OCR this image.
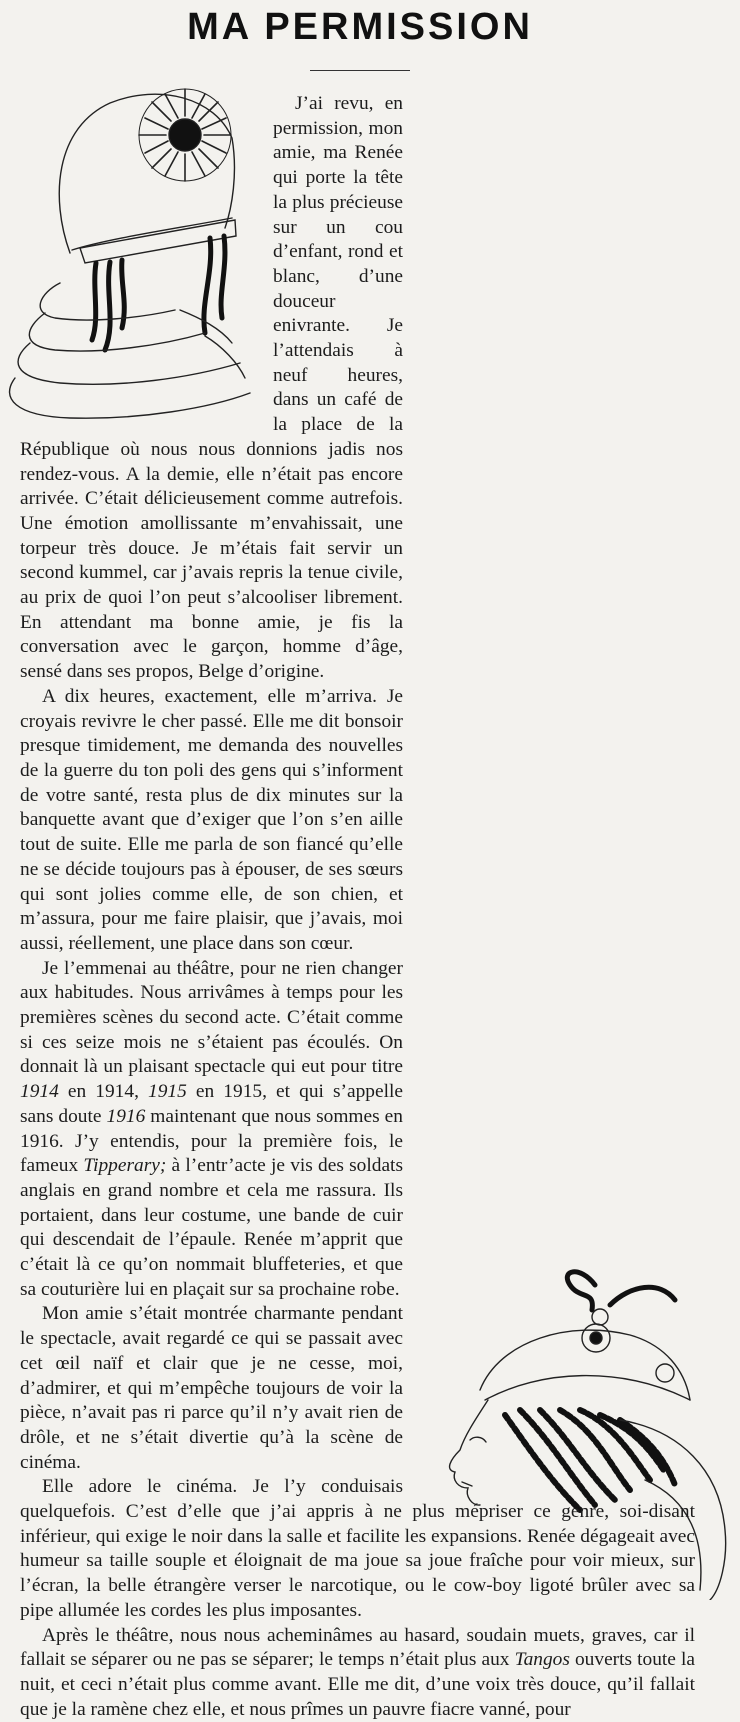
MA PERMISSION

J’ai revu, en permission, mon amie, ma Renée qui porte la tête la plus précieuse sur un cou d’enfant, rond et blanc, d’une douceur enivrante. Je l’attendais à neuf heures, dans un café de la place de la République où nous nous donnions jadis nos rendez-vous. A la demie, elle n’était pas encore arrivée. C’était délicieusement comme autrefois. Une émotion amollissante m’envahissait, une torpeur très douce. Je m’étais fait servir un second kummel, car j’avais repris la tenue civile, au prix de quoi l’on peut s’alcooliser librement. En attendant ma bonne amie, je fis la conversation avec le garçon, homme d’âge, sensé dans ses propos, Belge d’origine.

A dix heures, exactement, elle m’arriva. Je croyais revivre le cher passé. Elle me dit bonsoir presque timidement, me demanda des nouvelles de la guerre du ton poli des gens qui s’informent de votre santé, resta plus de dix minutes sur la banquette avant que d’exiger que l’on s’en aille tout de suite. Elle me parla de son fiancé qu’elle ne se décide toujours pas à épouser, de ses sœurs qui sont jolies comme elle, de son chien, et m’assura, pour me faire plaisir, que j’avais, moi aussi, réellement, une place dans son cœur.

Je l’emmenai au théâtre, pour ne rien changer aux habitudes. Nous arrivâmes à temps pour les premières scènes du second acte. C’était comme si ces seize mois ne s’étaient pas écoulés. On donnait là un plaisant spectacle qui eut pour titre 1914 en 1914, 1915 en 1915, et qui s’appelle sans doute 1916 maintenant que nous sommes en 1916. J’y entendis, pour la première fois, le fameux Tipperary; à l’entr’acte je vis des soldats anglais en grand nombre et cela me rassura. Ils portaient, dans leur costume, une bande de cuir qui descendait de l’épaule. Renée m’apprit que c’était là ce qu’on nommait bluffeteries, et que sa couturière lui en plaçait sur sa prochaine robe.

Mon amie s’était montrée charmante pendant le spectacle, avait regardé ce qui se passait avec cet œil naïf et clair que je ne cesse, moi, d’admirer, et qui m’empêche toujours de voir la pièce, n’avait pas ri parce qu’il n’y avait rien de drôle, et ne s’était divertie qu’à la scène de cinéma.

Elle adore le cinéma. Je l’y conduisais quelquefois. C’est d’elle que j’ai appris à ne plus mépriser ce genre, soi-disant inférieur, qui exige le noir dans la salle et facilite les expansions. Renée dégageait avec humeur sa taille souple et éloignait de ma joue sa joue fraîche pour voir mieux, sur l’écran, la belle étrangère verser le narcotique, ou le cow-boy ligoté brûler avec sa pipe allumée les cordes les plus imposantes.

Après le théâtre, nous nous acheminâmes au hasard, soudain muets, graves, car il fallait se séparer ou ne pas se séparer; le temps n’était plus aux Tangos ouverts toute la nuit, et ceci n’était plus comme avant. Elle me dit, d’une voix très douce, qu’il fallait que je la ramène chez elle, et nous prîmes un pauvre fiacre vanné, pour
